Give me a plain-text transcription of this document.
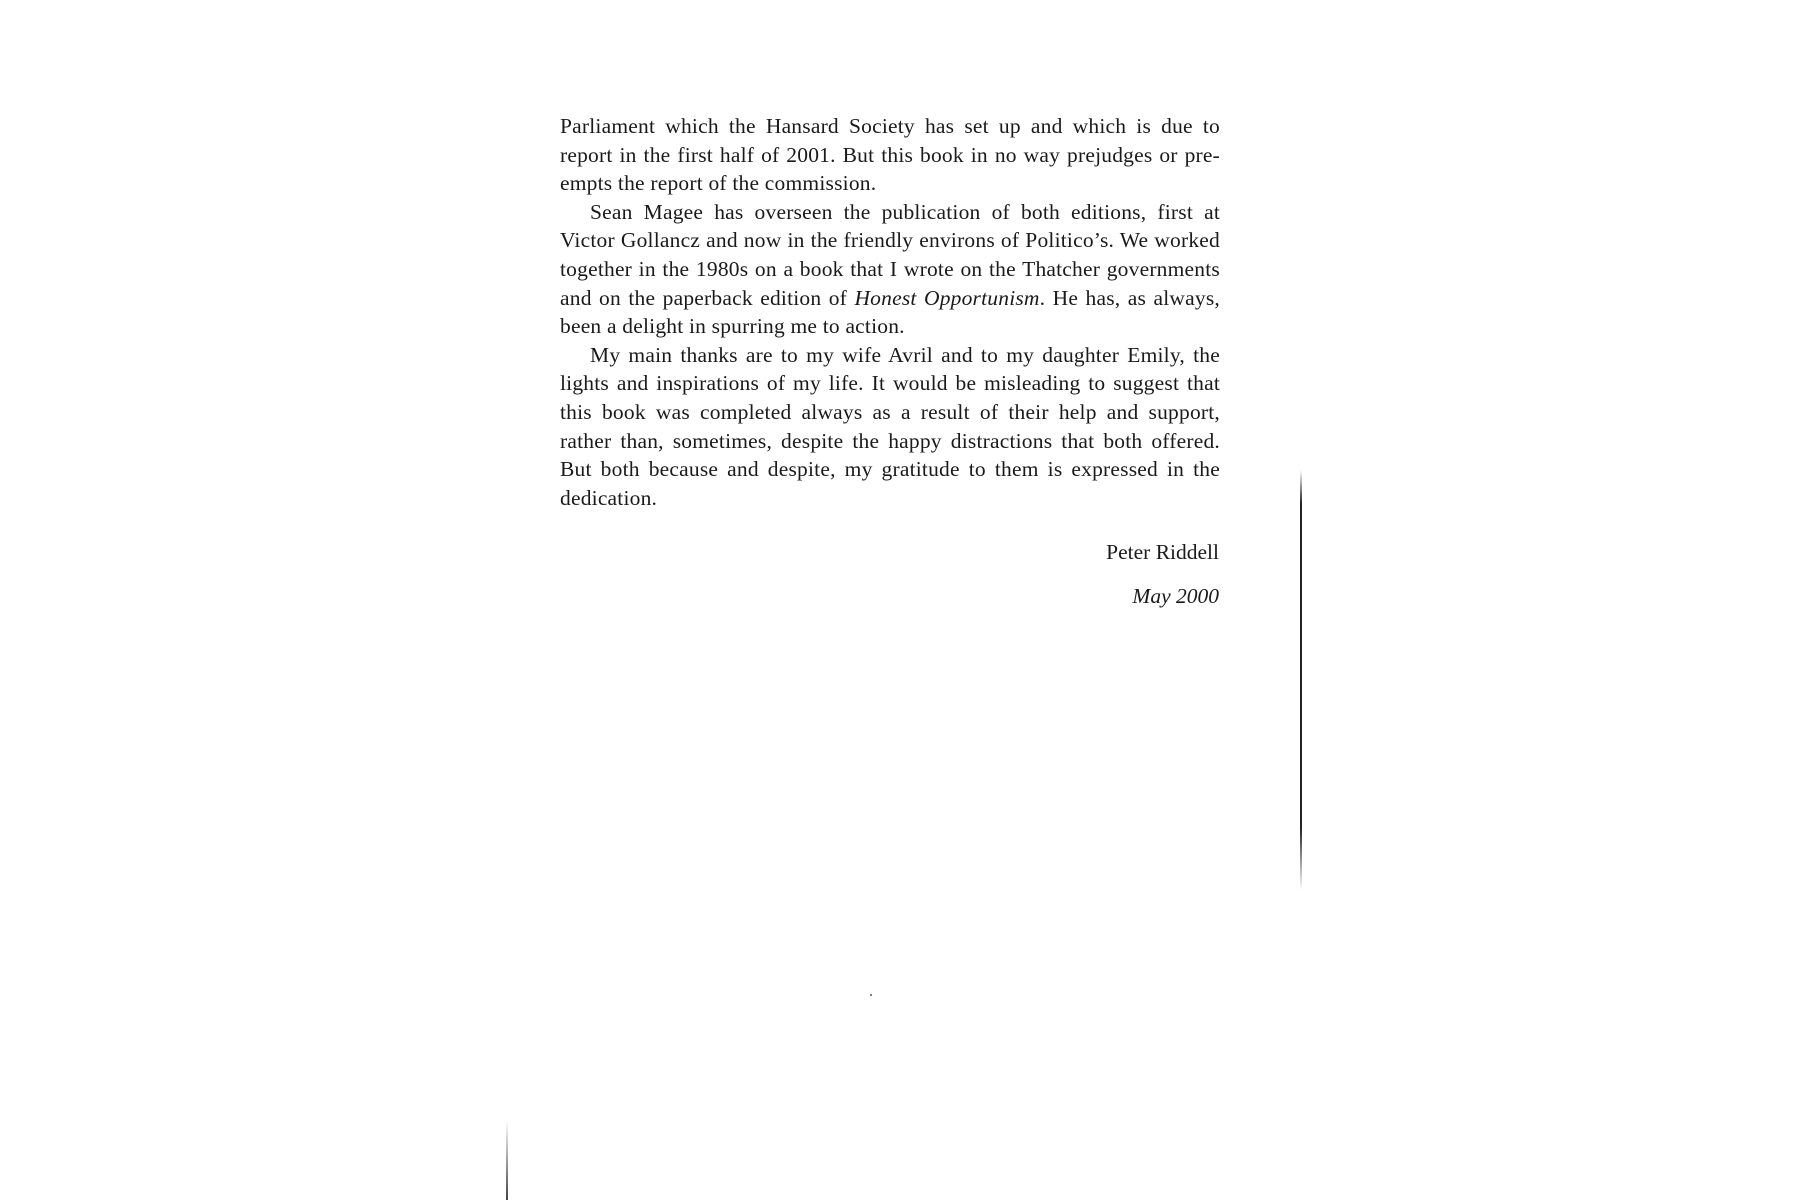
Parliament which the Hansard Society has set up and which is due to report in the first half of 2001. But this book in no way prejudges or pre-empts the report of the commission.

Sean Magee has overseen the publication of both editions, first at Victor Gollancz and now in the friendly environs of Politico’s. We worked together in the 1980s on a book that I wrote on the Thatcher governments and on the paperback edition of Honest Opportunism. He has, as always, been a delight in spurring me to action.

My main thanks are to my wife Avril and to my daughter Emily, the lights and inspirations of my life. It would be misleading to suggest that this book was completed always as a result of their help and support, rather than, sometimes, despite the happy distractions that both offered. But both because and despite, my gratitude to them is expressed in the dedication.

Peter Riddell
May 2000
